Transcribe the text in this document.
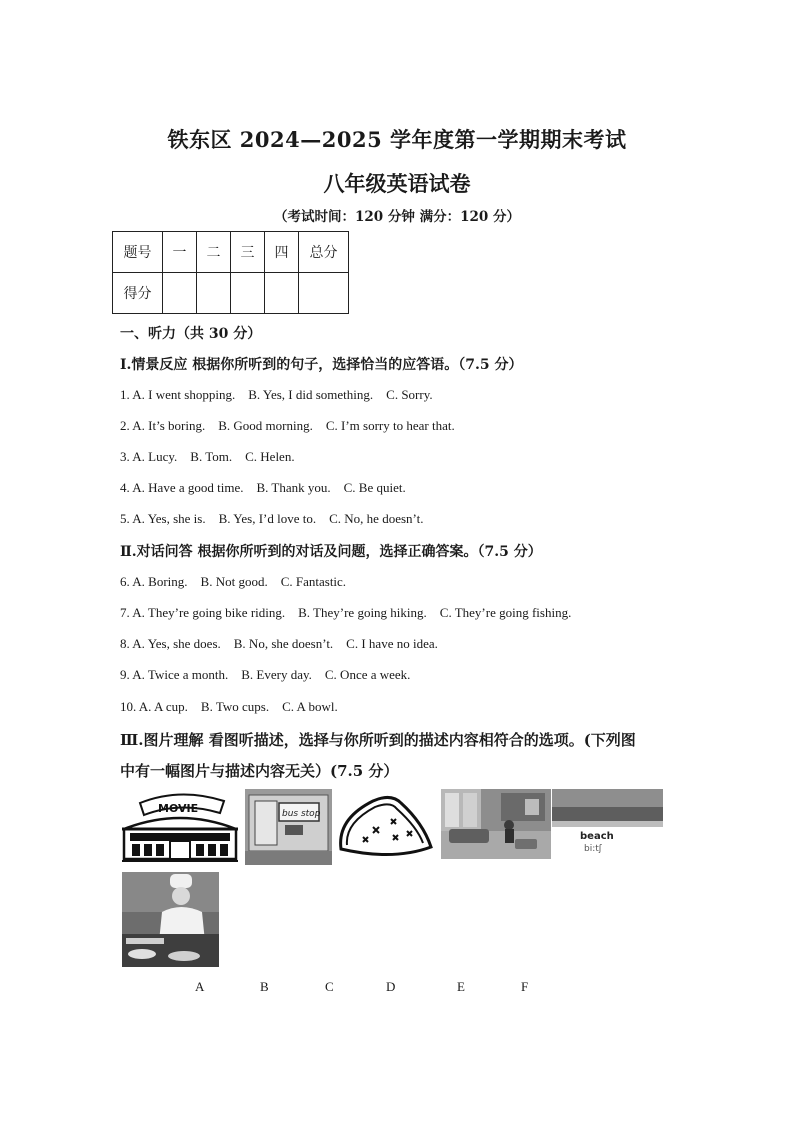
铁东区 2024—2025 学年度第一学期期末考试
八年级英语试卷
（考试时间：120 分钟 满分：120 分）
题号	一	二	三	四	总分
得分					
一、听力（共 30 分）
Ⅰ.情景反应 根据你所听到的句子，选择恰当的应答语。（7.5 分）
1. A. I went shopping.    B. Yes, I did something.    C. Sorry.
2. A. It’s boring.    B. Good morning.    C. I’m sorry to hear that.
3. A. Lucy.    B. Tom.    C. Helen.
4. A. Have a good time.    B. Thank you.    C. Be quiet.
5. A. Yes, she is.    B. Yes, I’d love to.    C. No, he doesn’t.
Ⅱ.对话问答 根据你所听到的对话及问题，选择正确答案。（7.5 分）
6. A. Boring.    B. Not good.    C. Fantastic.
7. A. They’re going bike riding.    B. They’re going hiking.    C. They’re going fishing.
8. A. Yes, she does.    B. No, she doesn’t.    C. I have no idea.
9. A. Twice a month.    B. Every day.    C. Once a week.
10. A. A cup.    B. Two cups.    C. A bowl.
Ⅲ.图片理解 看图听描述，选择与你所听到的描述内容相符合的选项。(下列图
中有一幅图片与描述内容无关）(7.5 分）
MOVIE	bus stop
beach
bi:tʃ
A	B	C	D	E	F
